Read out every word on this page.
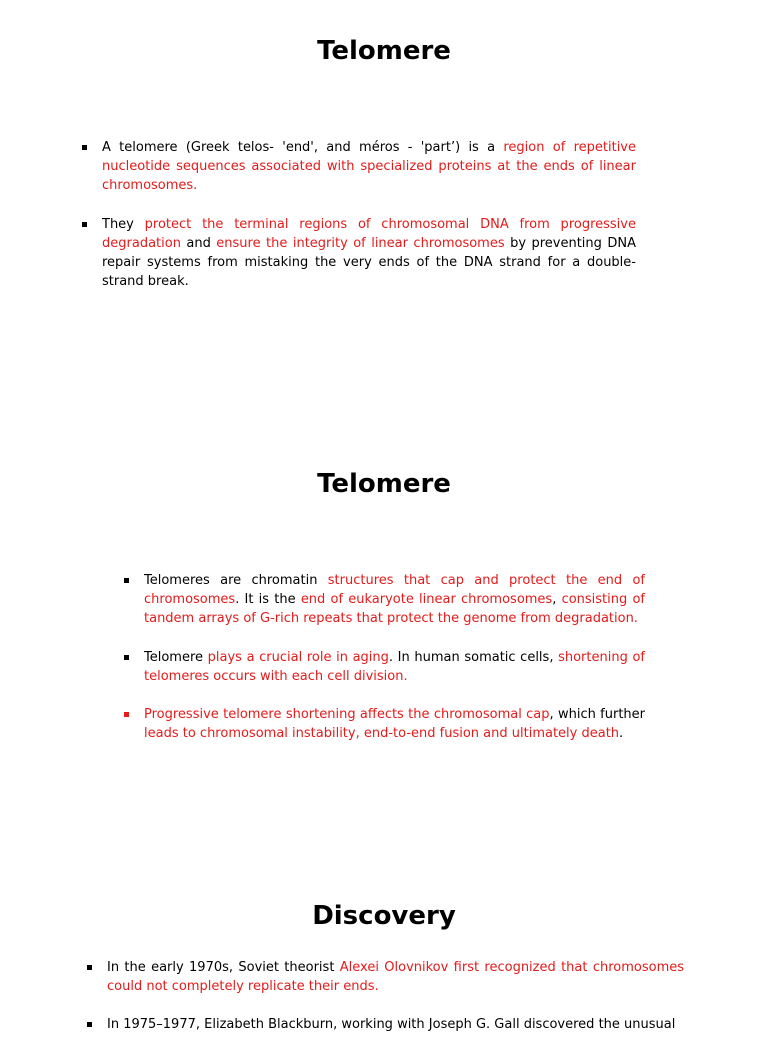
Telomere
A telomere (Greek telos- 'end', and méros - 'part’) is a region of repetitive nucleotide sequences associated with specialized proteins at the ends of linear chromosomes.
They protect the terminal regions of chromosomal DNA from progressive degradation and ensure the integrity of linear chromosomes by preventing DNA repair systems from mistaking the very ends of the DNA strand for a double-strand break.
Telomere
Telomeres are chromatin structures that cap and protect the end of chromosomes. It is the end of eukaryote linear chromosomes, consisting of tandem arrays of G-rich repeats that protect the genome from degradation.
Telomere plays a crucial role in aging. In human somatic cells, shortening of telomeres occurs with each cell division.
Progressive telomere shortening affects the chromosomal cap, which further leads to chromosomal instability, end-to-end fusion and ultimately death.
Discovery
In the early 1970s, Soviet theorist Alexei Olovnikov first recognized that chromosomes could not completely replicate their ends.
In 1975–1977, Elizabeth Blackburn, working with Joseph G. Gall discovered the unusual
